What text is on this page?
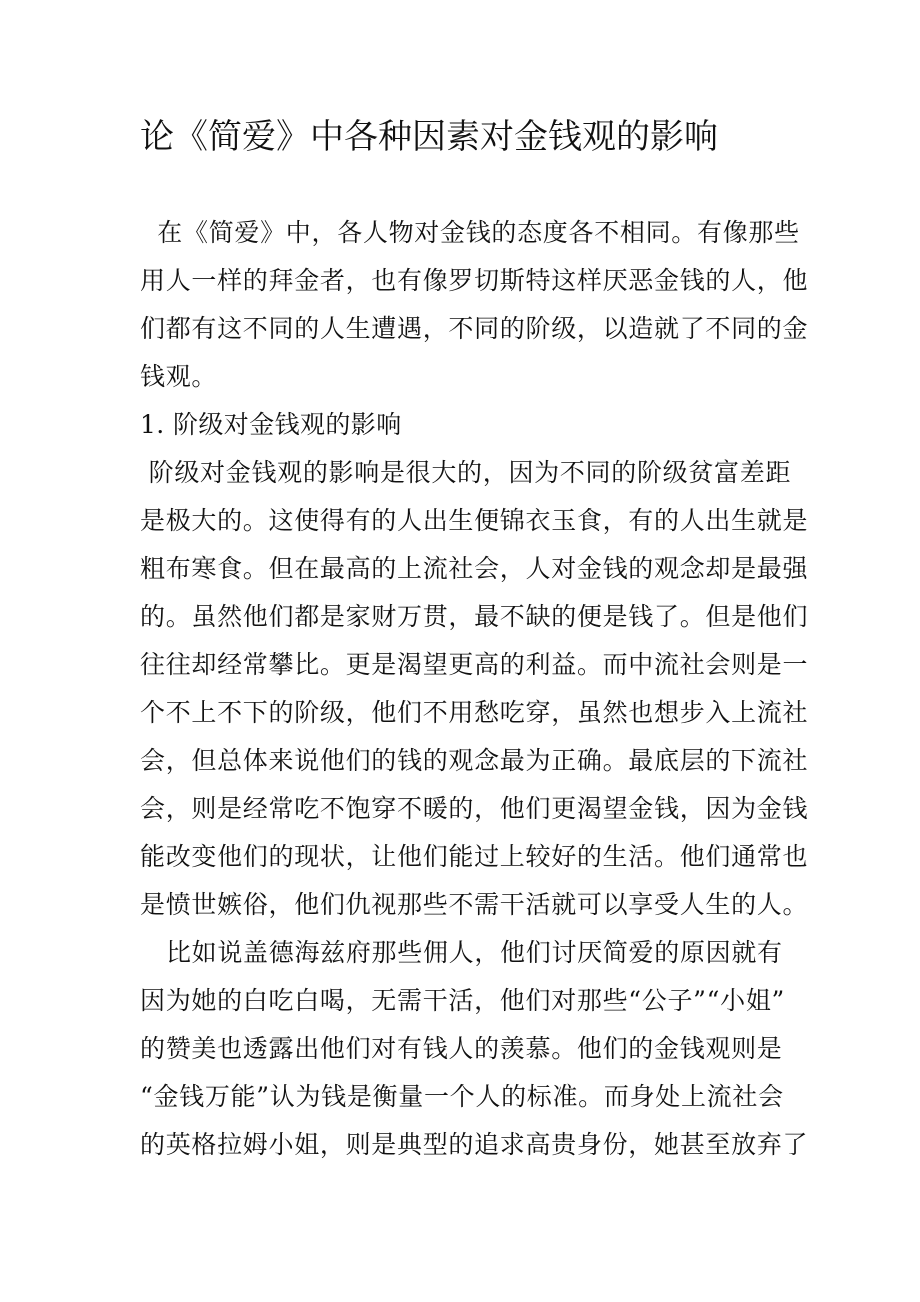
论《简爱》中各种因素对金钱观的影响
在《简爱》中，各人物对金钱的态度各不相同。有像那些
用人一样的拜金者，也有像罗切斯特这样厌恶金钱的人，他
们都有这不同的人生遭遇，不同的阶级，以造就了不同的金
钱观。
1. 阶级对金钱观的影响
阶级对金钱观的影响是很大的，因为不同的阶级贫富差距
是极大的。这使得有的人出生便锦衣玉食，有的人出生就是
粗布寒食。但在最高的上流社会，人对金钱的观念却是最强
的。虽然他们都是家财万贯，最不缺的便是钱了。但是他们
往往却经常攀比。更是渴望更高的利益。而中流社会则是一
个不上不下的阶级，他们不用愁吃穿，虽然也想步入上流社
会，但总体来说他们的钱的观念最为正确。最底层的下流社
会，则是经常吃不饱穿不暖的，他们更渴望金钱，因为金钱
能改变他们的现状，让他们能过上较好的生活。他们通常也
是愤世嫉俗，他们仇视那些不需干活就可以享受人生的人。
比如说盖德海兹府那些佣人，他们讨厌简爱的原因就有
因为她的白吃白喝，无需干活，他们对那些“公子”“小姐”
的赞美也透露出他们对有钱人的羡慕。他们的金钱观则是
“金钱万能”认为钱是衡量一个人的标准。而身处上流社会
的英格拉姆小姐，则是典型的追求高贵身份，她甚至放弃了
